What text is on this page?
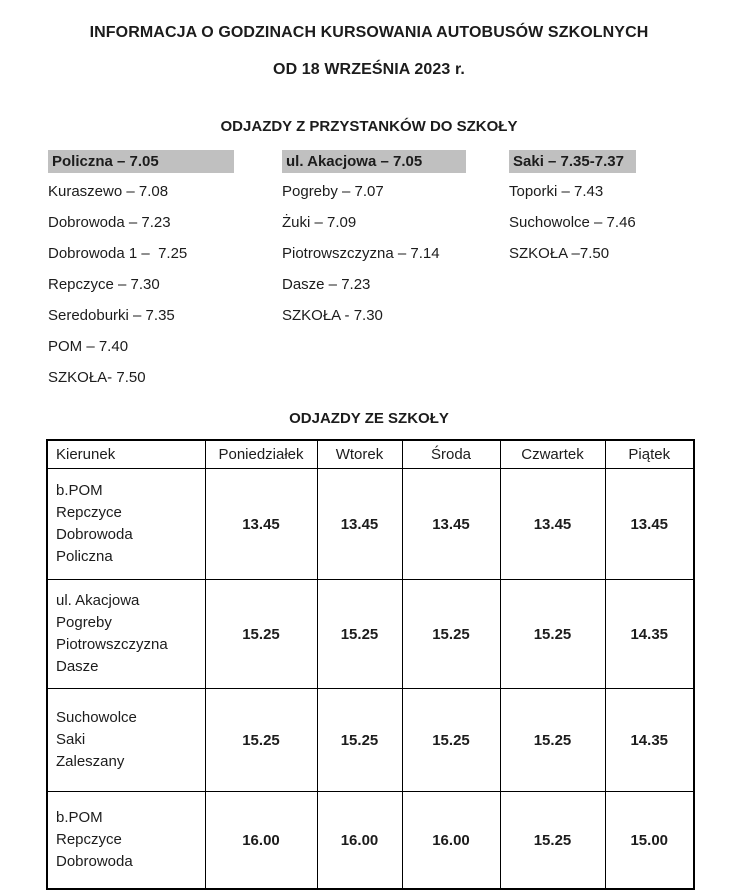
INFORMACJA O GODZINACH KURSOWANIA AUTOBUSÓW SZKOLNYCH
OD 18 WRZEŚNIA 2023 r.
ODJAZDY Z PRZYSTANKÓW DO SZKOŁY
Policzna – 7.05
Kuraszewo – 7.08
Dobrowoda – 7.23
Dobrowoda 1 –  7.25
Repczyce – 7.30
Seredoburki – 7.35
POM – 7.40
SZKOŁA- 7.50
ul. Akacjowa – 7.05
Pogreby – 7.07
Żuki – 7.09
Piotrowszczyzna – 7.14
Dasze – 7.23
SZKOŁA - 7.30
Saki – 7.35-7.37
Toporki – 7.43
Suchowolce – 7.46
SZKOŁA –7.50
ODJAZDY ZE SZKOŁY
Kierunek	Poniedziałek	Wtorek	Środa	Czwartek	Piątek

b.POM
Repczyce
Dobrowoda
Policzna	13.45	13.45	13.45	13.45	13.45

ul. Akacjowa
Pogreby
Piotrowszczyzna
Dasze	15.25	15.25	15.25	15.25	14.35

Suchowolce
Saki
Zaleszany	15.25	15.25	15.25	15.25	14.35

b.POM
Repczyce
Dobrowoda	16.00	16.00	16.00	15.25	15.00
